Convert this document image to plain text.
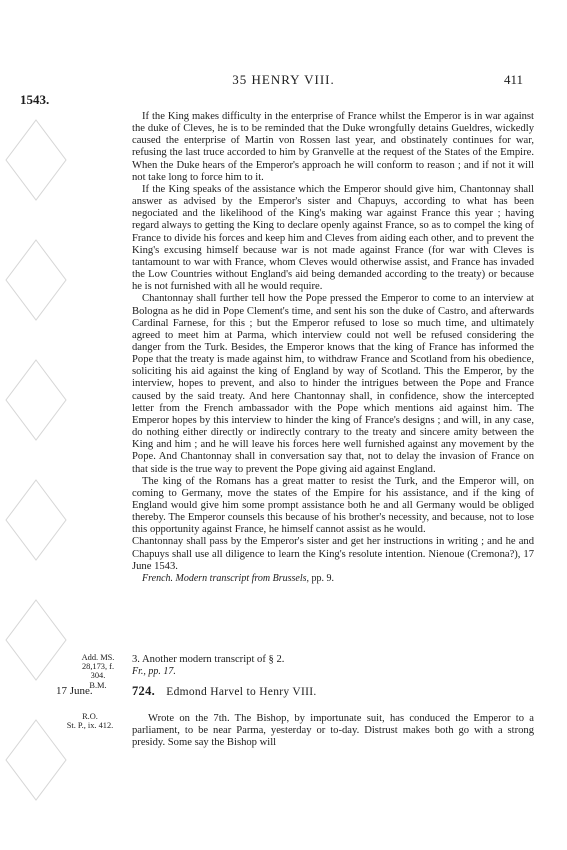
35 HENRY VIII.	411
1543.

If the King makes difficulty in the enterprise of France whilst the Emperor is in war against the duke of Cleves, he is to be reminded that the Duke wrongfully detains Gueldres, wickedly caused the enterprise of Martin von Rossen last year, and obstinately continues for war, refusing the last truce accorded to him by Granvelle at the request of the States of the Empire. When the Duke hears of the Emperor's approach he will conform to reason ; and if not it will not take long to force him to it.

If the King speaks of the assistance which the Emperor should give him, Chantonnay shall answer as advised by the Emperor's sister and Chapuys, according to what has been negociated and the likelihood of the King's making war against France this year ; having regard always to getting the King to declare openly against France, so as to compel the king of France to divide his forces and keep him and Cleves from aiding each other, and to prevent the King's excusing himself because war is not made against France (for war with Cleves is tantamount to war with France, whom Cleves would otherwise assist, and France has invaded the Low Countries without England's aid being demanded according to the treaty) or because he is not furnished with all he would require.

Chantonnay shall further tell how the Pope pressed the Emperor to come to an interview at Bologna as he did in Pope Clement's time, and sent his son the duke of Castro, and afterwards Cardinal Farnese, for this ; but the Emperor refused to lose so much time, and ultimately agreed to meet him at Parma, which interview could not well be refused considering the danger from the Turk. Besides, the Emperor knows that the king of France has informed the Pope that the treaty is made against him, to withdraw France and Scotland from his obedience, soliciting his aid against the king of England by way of Scotland. This the Emperor, by the interview, hopes to prevent, and also to hinder the intrigues between the Pope and France caused by the said treaty. And here Chantonnay shall, in confidence, show the intercepted letter from the French ambassador with the Pope which mentions aid against him. The Emperor hopes by this interview to hinder the king of France's designs ; and will, in any case, do nothing either directly or indirectly contrary to the treaty and sincere amity between the King and him ; and he will leave his forces here well furnished against any movement by the Pope. And Chantonnay shall in conversation say that, not to delay the invasion of France on that side is the true way to prevent the Pope giving aid against England.

The king of the Romans has a great matter to resist the Turk, and the Emperor will, on coming to Germany, move the states of the Empire for his assistance, and if the king of England would give him some prompt assistance both he and all Germany would be obliged thereby. The Emperor counsels this because of his brother's necessity, and because, not to lose this opportunity against France, he himself cannot assist as he would.

Chantonnay shall pass by the Emperor's sister and get her instructions in writing ; and he and Chapuys shall use all diligence to learn the King's resolute intention. Nienoue (Cremona?), 17 June 1543.

French. Modern transcript from Brussels, pp. 9.
Add. MS.
28,173, f. 304.
B.M.
3. Another modern transcript of § 2.
Fr., pp. 17.
17 June.	724. Edmond Harvel to Henry VIII.
R.O.
St. P., ix. 412.
Wrote on the 7th. The Bishop, by importunate suit, has conduced the Emperor to a parliament, to be near Parma, yesterday or to-day. Distrust makes both go with a strong presidy. Some say the Bishop will
